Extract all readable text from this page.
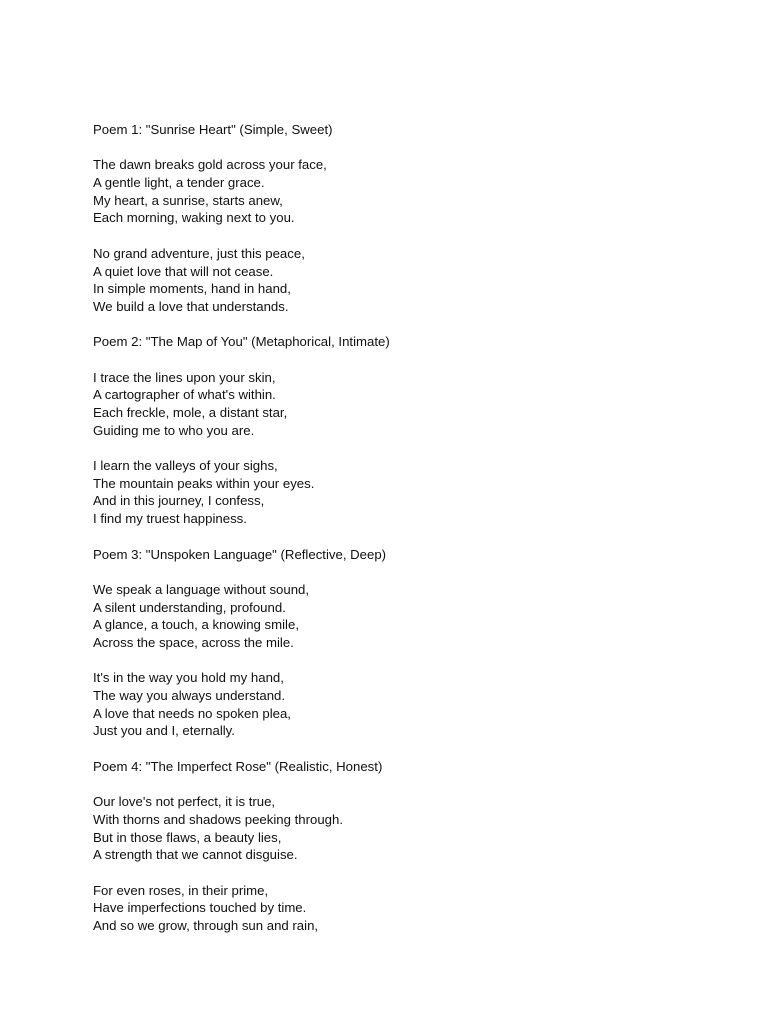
Poem 1: "Sunrise Heart" (Simple, Sweet)
The dawn breaks gold across your face,
A gentle light, a tender grace.
My heart, a sunrise, starts anew,
Each morning, waking next to you.
No grand adventure, just this peace,
A quiet love that will not cease.
In simple moments, hand in hand,
We build a love that understands.
Poem 2: "The Map of You" (Metaphorical, Intimate)
I trace the lines upon your skin,
A cartographer of what's within.
Each freckle, mole, a distant star,
Guiding me to who you are.
I learn the valleys of your sighs,
The mountain peaks within your eyes.
And in this journey, I confess,
I find my truest happiness.
Poem 3: "Unspoken Language" (Reflective, Deep)
We speak a language without sound,
A silent understanding, profound.
A glance, a touch, a knowing smile,
Across the space, across the mile.
It's in the way you hold my hand,
The way you always understand.
A love that needs no spoken plea,
Just you and I, eternally.
Poem 4: "The Imperfect Rose" (Realistic, Honest)
Our love's not perfect, it is true,
With thorns and shadows peeking through.
But in those flaws, a beauty lies,
A strength that we cannot disguise.
For even roses, in their prime,
Have imperfections touched by time.
And so we grow, through sun and rain,
